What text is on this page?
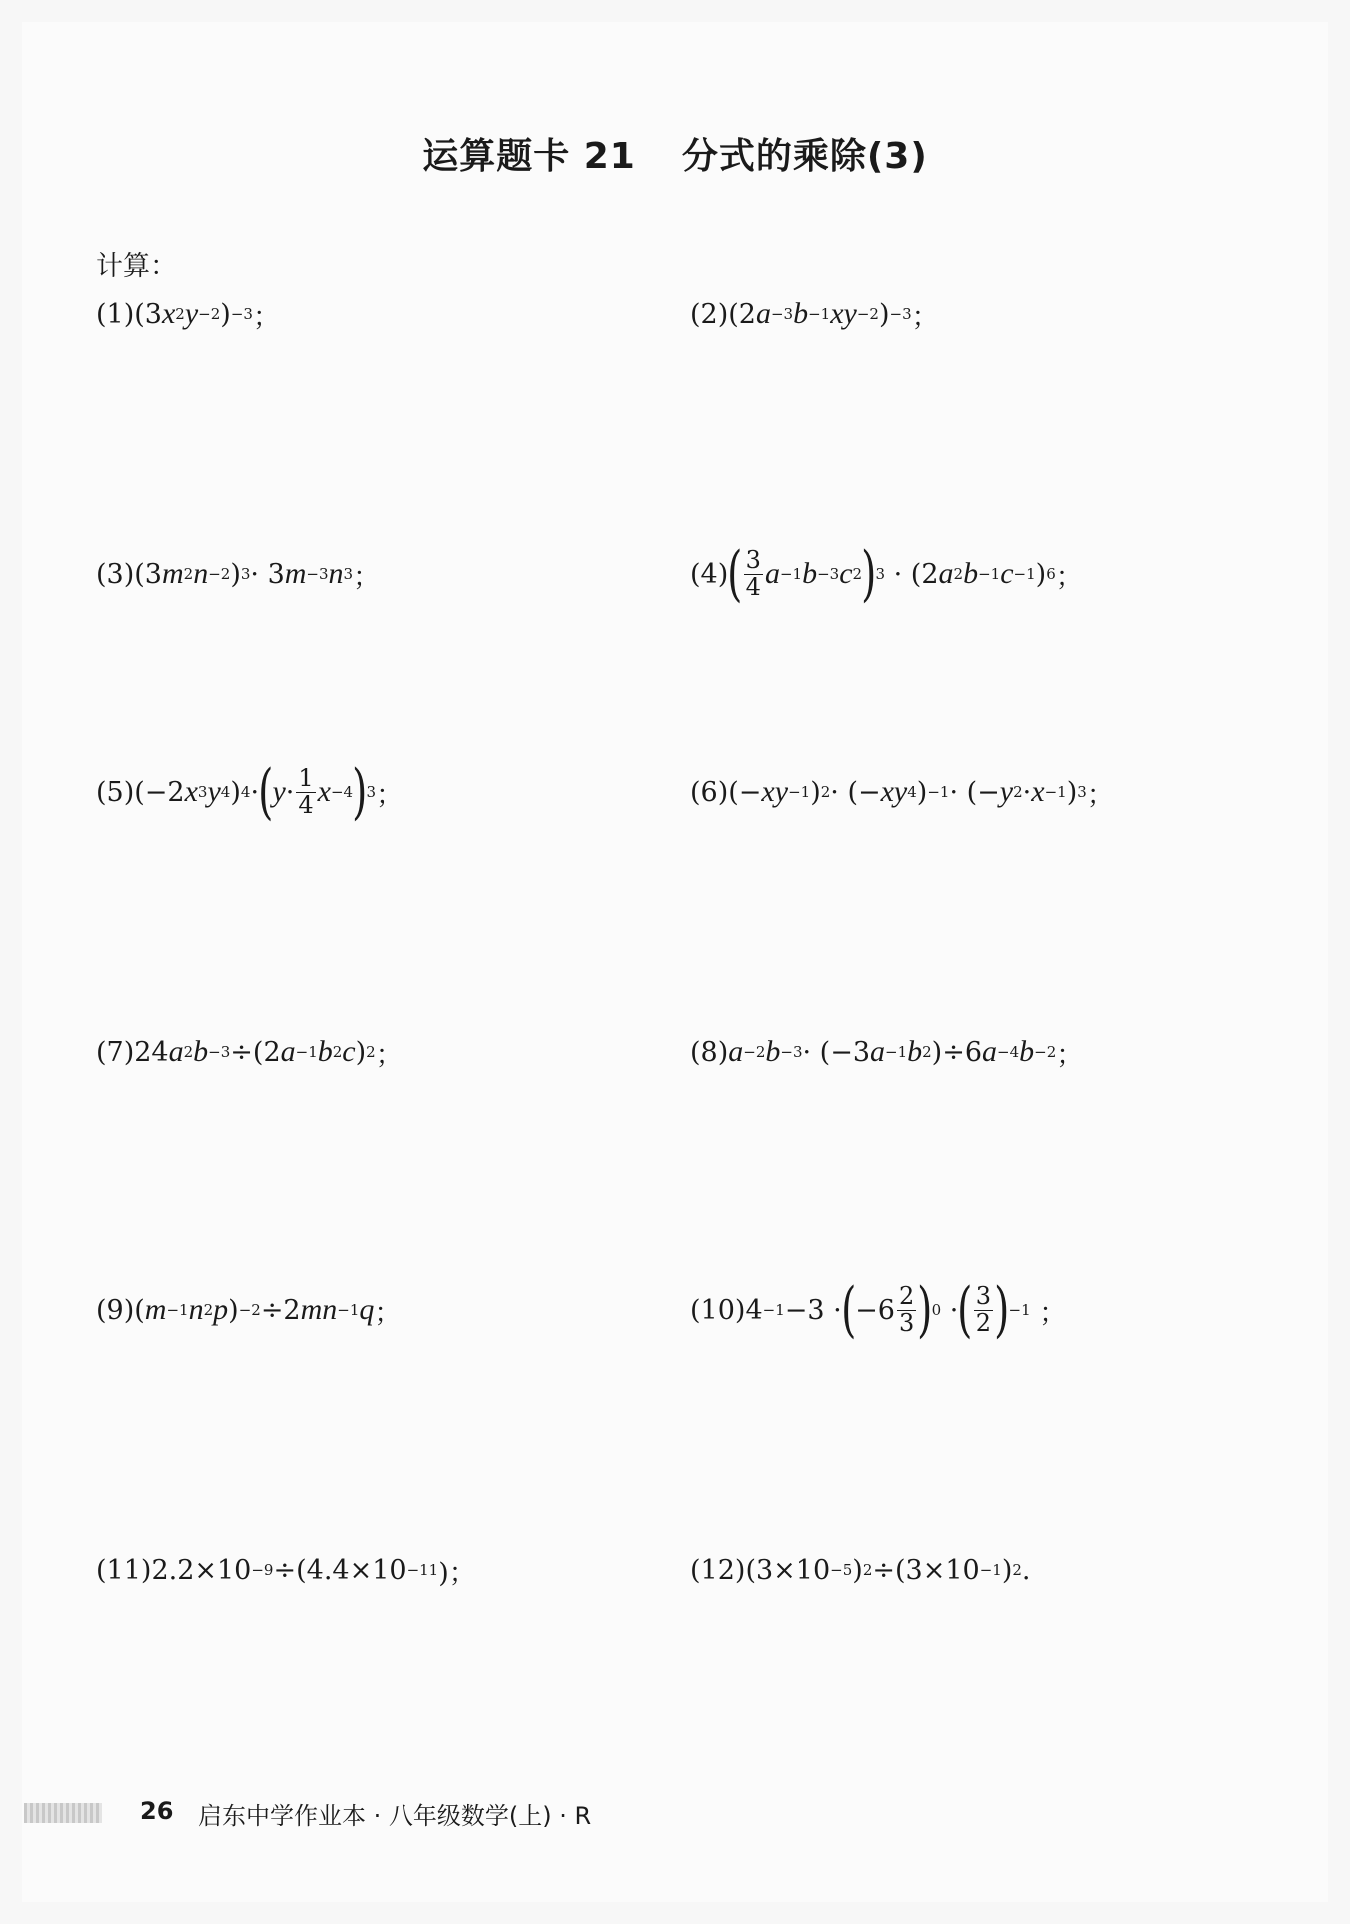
运算题卡 21 分式的乘除(3)
计算：
(1) (3 x 2 y −2 ) −3 ；	(2) (2 a −3 b −1 xy −2 ) −3 ；
(3) (3 m 2 n −2 ) 3 · 3 m −3 n 3 ；	(4) ( $\frac{3}{4}$ a −1 b −3 c 2 ) 3 · (2 a 2 b −1 c −1 ) 6 ；
(5) (−2 x 3 y 4 ) 4 · ( $y \cdot \frac{1}{4}$ x −4 ) 3 ；	(6) (− xy −1 ) 2 · (− xy 4 ) −1 · (− y 2 · x −1 ) 3 ；
(7) 24 a 2 b −3 ÷(2 a −1 b 2 c ) 2 ；	(8) a −2 b −3 · (−3 a −1 b 2 )÷6 a −4 b −2 ；
(9) ( m −1 n 2 p ) −2 ÷2 mn −1 q ；	(10) 4 −1 −3 · ( $-6 \frac{2}{3}$ ) 0 · ( $\frac{3}{2}$ ) −1 ；
(11) 2.2×10 −9 ÷(4.4×10 −11 )；	(12) (3×10 −5 ) 2 ÷(3×10 −1 ) 2 .
26 启东中学作业本 · 八年级数学(上) · R
